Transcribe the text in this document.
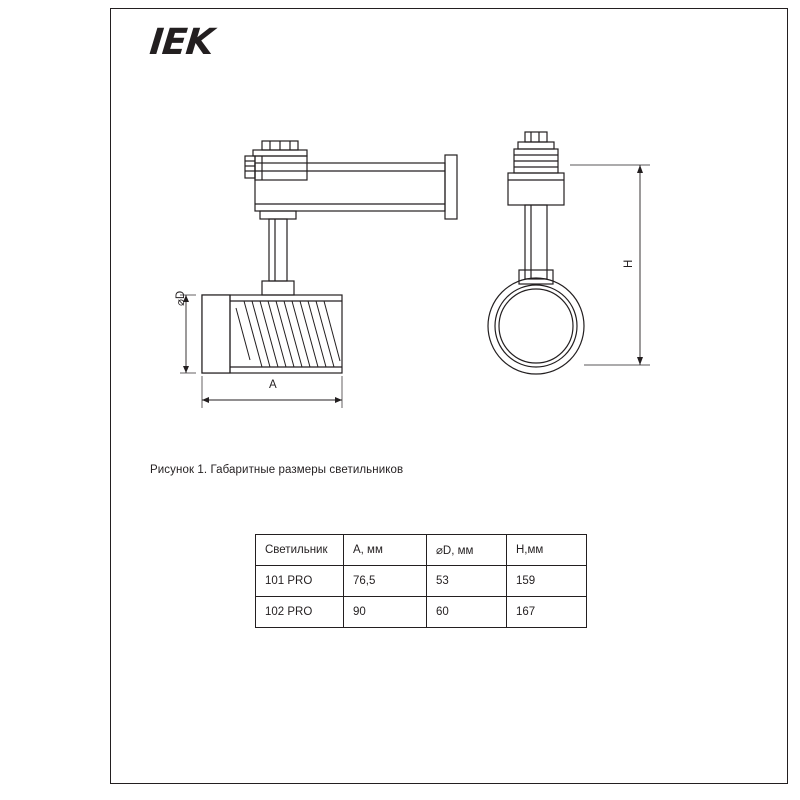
IEK
⌀D
A
H
Рисунок 1. Габаритные размеры светильников
Светильник	A, мм	⌀D, мм	H,мм
101 PRO	76,5	53	159
102 PRO	90	60	167
